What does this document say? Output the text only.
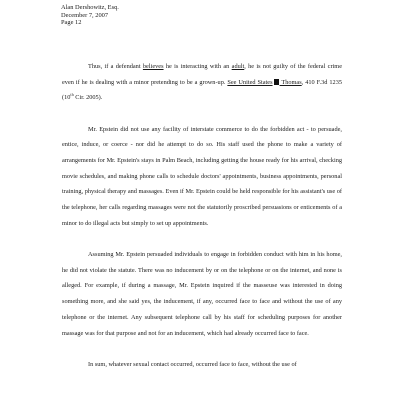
Alan Dershowitz, Esq.
December 7, 2007
Page 12

Thus, if a defendant believes he is interacting with an adult, he is not guilty of the federal crime even if he is dealing with a minor pretending to be a grown-up. See United States Thomas, 410 F.3d 1235 (10th Cir. 2005).

Mr. Epstein did not use any facility of interstate commerce to do the forbidden act - to persuade, entice, induce, or coerce - nor did he attempt to do so. His staff used the phone to make a variety of arrangements for Mr. Epstein's stays in Palm Beach, including getting the house ready for his arrival, checking movie schedules, and making phone calls to schedule doctors' appointments, business appointments, personal training, physical therapy and massages. Even if Mr. Epstein could be held responsible for his assistant's use of the telephone, her calls regarding massages were not the statutorily proscribed persuasions or enticements of a minor to do illegal acts but simply to set up appointments.

Assuming Mr. Epstein persuaded individuals to engage in forbidden conduct with him in his home, he did not violate the statute. There was no inducement by or on the telephone or on the internet, and none is alleged. For example, if during a massage, Mr. Epstein inquired if the masseuse was interested in doing something more, and she said yes, the inducement, if any, occurred face to face and without the use of any telephone or the internet. Any subsequent telephone call by his staff for scheduling purposes for another massage was for that purpose and not for an inducement, which had already occurred face to face.

In sum, whatever sexual contact occurred, occurred face to face, without the use of
